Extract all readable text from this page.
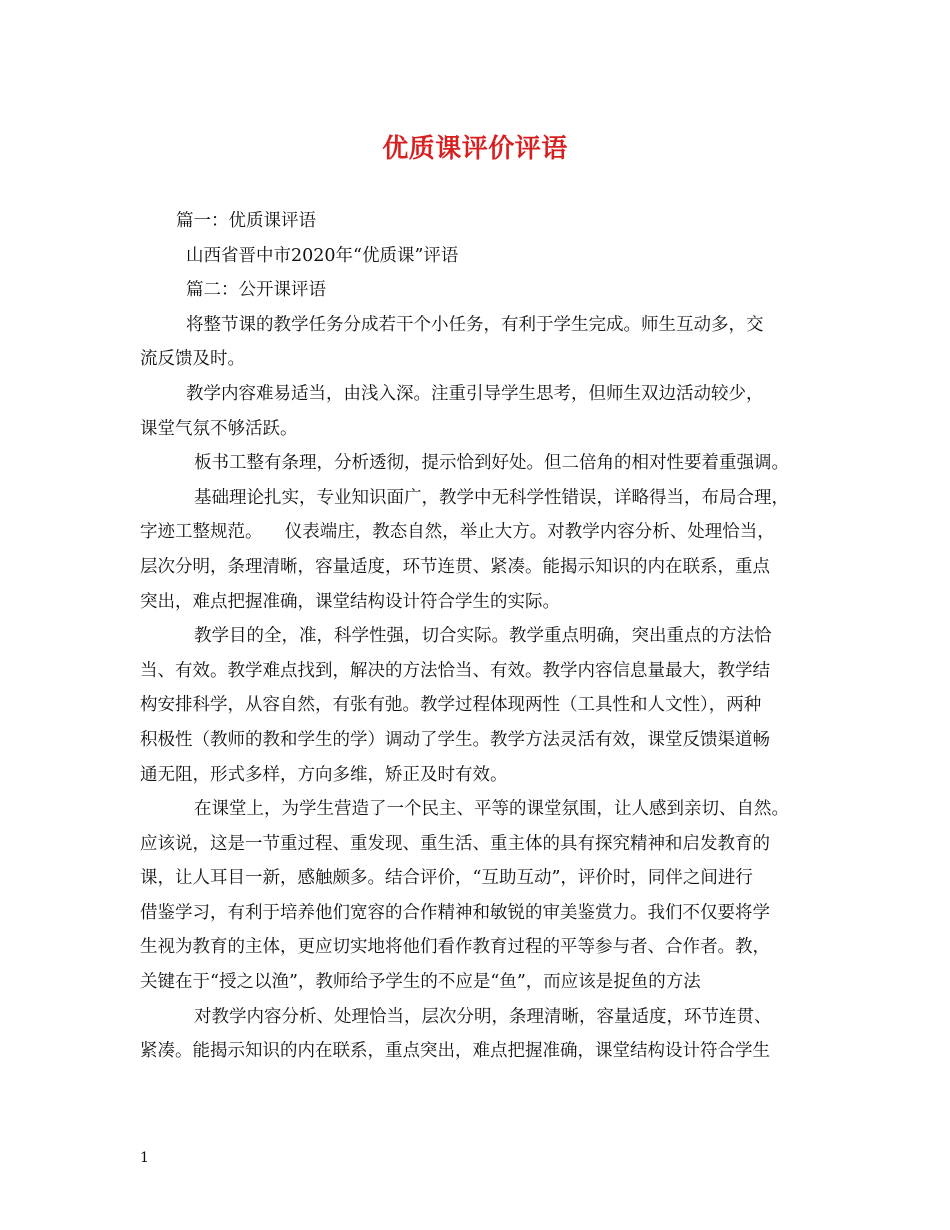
优质课评价评语
篇一：优质课评语
山西省晋中市2020年“优质课”评语
篇二：公开课评语
将整节课的教学任务分成若干个小任务，有利于学生完成。师生互动多，交
流反馈及时。
教学内容难易适当，由浅入深。注重引导学生思考，但师生双边活动较少，
课堂气氛不够活跃。
板书工整有条理，分析透彻，提示恰到好处。但二倍角的相对性要着重强调。
基础理论扎实，专业知识面广，教学中无科学性错误，详略得当，布局合理，
字迹工整规范。    仪表端庄，教态自然，举止大方。对教学内容分析、处理恰当，
层次分明，条理清晰，容量适度，环节连贯、紧凑。能揭示知识的内在联系，重点
突出，难点把握准确，课堂结构设计符合学生的实际。
教学目的全，准，科学性强，切合实际。教学重点明确，突出重点的方法恰
当、有效。教学难点找到，解决的方法恰当、有效。教学内容信息量最大，教学结
构安排科学，从容自然，有张有弛。教学过程体现两性（工具性和人文性），两种
积极性（教师的教和学生的学）调动了学生。教学方法灵活有效，课堂反馈渠道畅
通无阻，形式多样，方向多维，矫正及时有效。
在课堂上，为学生营造了一个民主、平等的课堂氛围，让人感到亲切、自然。
应该说，这是一节重过程、重发现、重生活、重主体的具有探究精神和启发教育的
课，让人耳目一新，感触颇多。结合评价，“互助互动”，评价时，同伴之间进行
借鉴学习，有利于培养他们宽容的合作精神和敏锐的审美鉴赏力。我们不仅要将学
生视为教育的主体，更应切实地将他们看作教育过程的平等参与者、合作者。教，
关键在于“授之以渔”，教师给予学生的不应是“鱼”，而应该是捉鱼的方法
对教学内容分析、处理恰当，层次分明，条理清晰，容量适度，环节连贯、
紧凑。能揭示知识的内在联系，重点突出，难点把握准确，课堂结构设计符合学生
1
